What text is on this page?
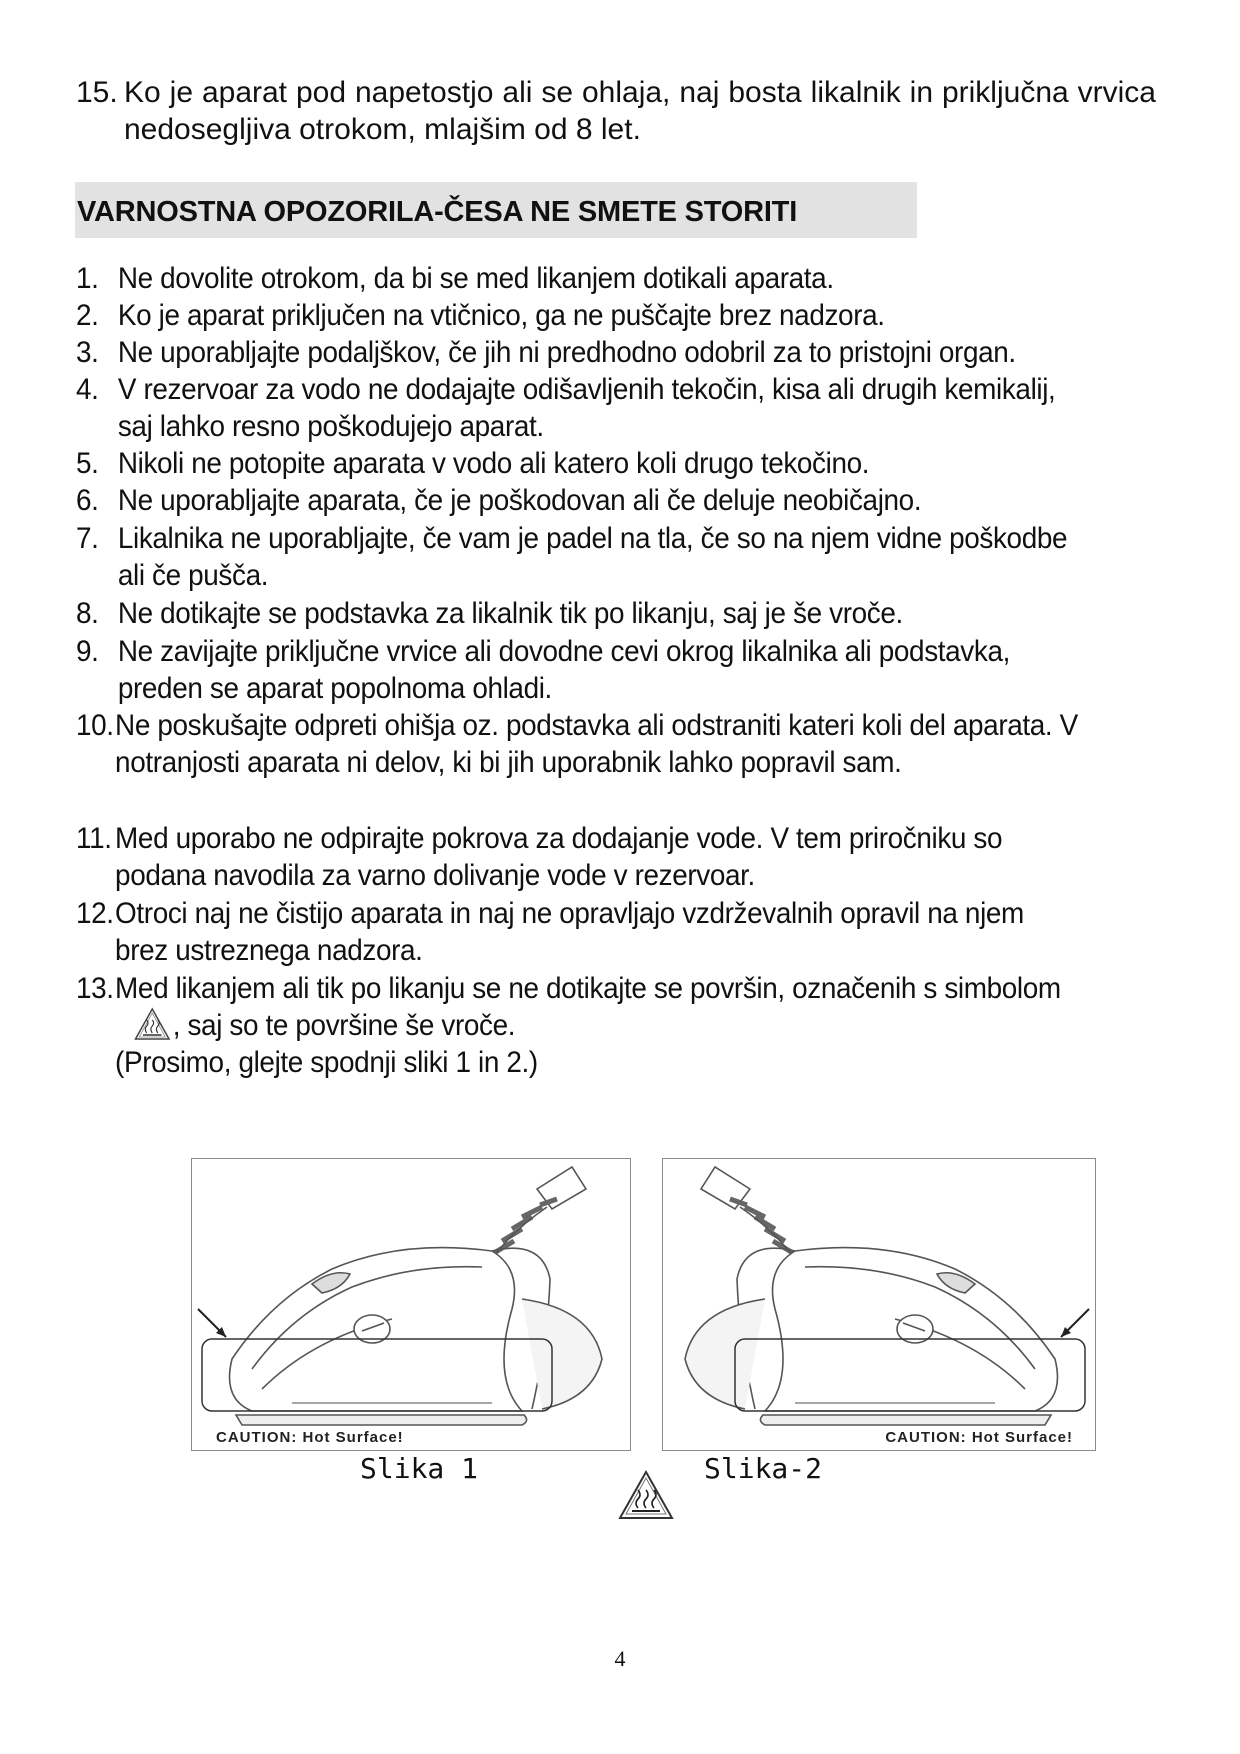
15. Ko je aparat pod napetostjo ali se ohlaja, naj bosta likalnik in priključna vrvica nedosegljiva otrokom, mlajšim od 8 let.
VARNOSTNA OPOZORILA-ČESA NE SMETE STORITI
1. Ne dovolite otrokom, da bi se med likanjem dotikali aparata.
2. Ko je aparat priključen na vtičnico, ga ne puščajte brez nadzora.
3. Ne uporabljajte podaljškov, če jih ni predhodno odobril za to pristojni organ.
4. V rezervoar za vodo ne dodajajte odišavljenih tekočin, kisa ali drugih kemikalij, saj lahko resno poškodujejo aparat.
5. Nikoli ne potopite aparata v vodo ali katero koli drugo tekočino.
6. Ne uporabljajte aparata, če je poškodovan ali če deluje neobičajno.
7. Likalnika ne uporabljajte, če vam je padel na tla, če so na njem vidne poškodbe ali če pušča.
8. Ne dotikajte se podstavka za likalnik tik po likanju, saj je še vroče.
9. Ne zavijajte priključne vrvice ali dovodne cevi okrog likalnika ali podstavka, preden se aparat popolnoma ohladi.
10. Ne poskušajte odpreti ohišja oz. podstavka ali odstraniti kateri koli del aparata. V notranjosti aparata ni delov, ki bi jih uporabnik lahko popravil sam.
11. Med uporabo ne odpirajte pokrova za dodajanje vode. V tem priročniku so podana navodila za varno dolivanje vode v rezervoar.
12. Otroci naj ne čistijo aparata in naj ne opravljajo vzdrževalnih opravil na njem brez ustreznega nadzora.
13. Med likanjem ali tik po likanju se ne dotikajte se površin, označenih s simbolom, saj so te površine še vroče.
(Prosimo, glejte spodnji sliki 1 in 2.)
CAUTION: Hot Surface!	CAUTION: Hot Surface!
Slika 1	Slika-2
4
